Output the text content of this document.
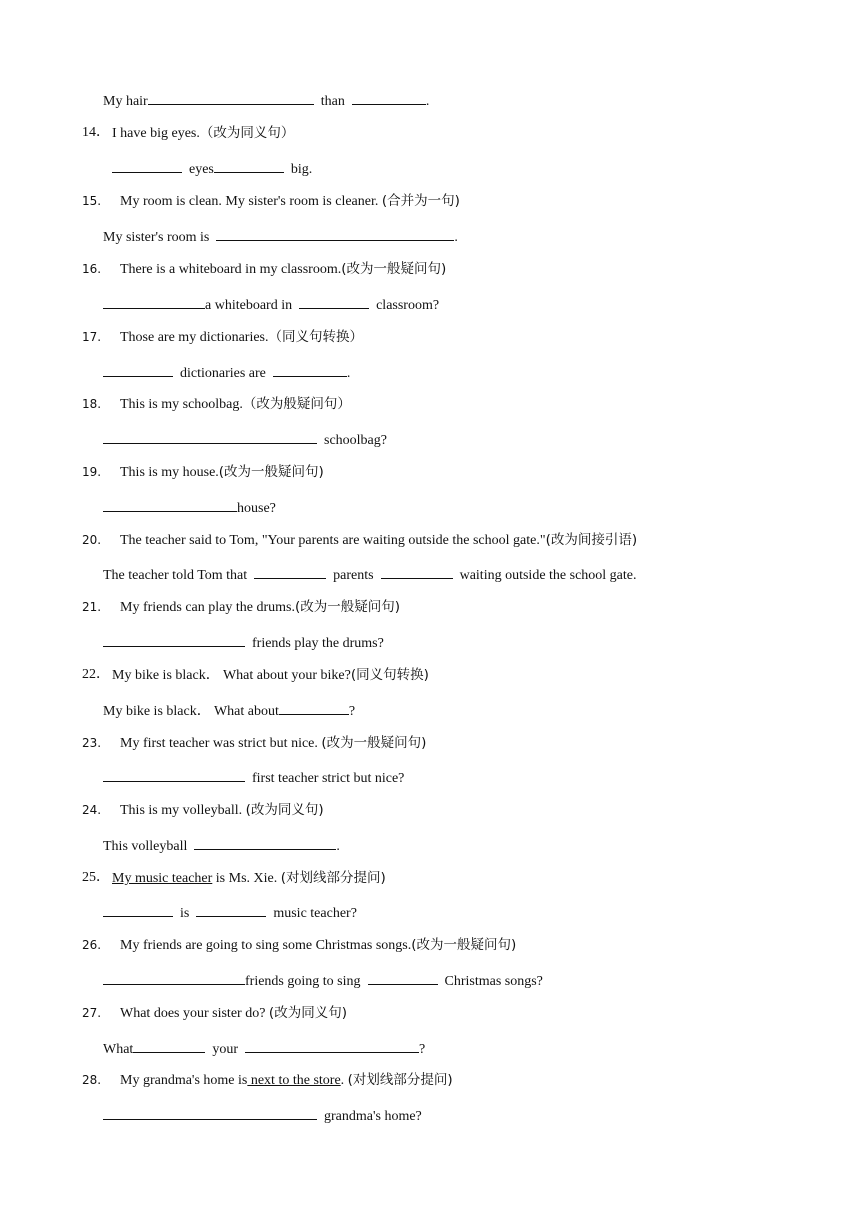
My hair	than	.
14． I have big eyes.（改为同义句）
eyes	big.
15. My room is clean. My sister's room is cleaner. (合并为一句)
My sister's room is	.
16. There is a whiteboard in my classroom.(改为一般疑问句)
a whiteboard in	classroom?
17. Those are my dictionaries.（同义句转换）
dictionaries are	.
18. This is my schoolbag.（改为般疑问句）
schoolbag?
19. This is my house.(改为一般疑问句)
house?
20. The teacher said to Tom, "Your parents are waiting outside the school gate."(改为间接引语)
The teacher told Tom that	parents	waiting outside the school gate.
21. My friends can play the drums.(改为一般疑问句)
friends play the drums?
22． My bike is black． What about your bike?(同义句转换)
My bike is black． What about	?
23. My first teacher was strict but nice. (改为一般疑问句)
first teacher strict but nice?
24. This is my volleyball. (改为同义句)
This volleyball	.
25． My music teacher is Ms. Xie. (对划线部分提问)
is	music teacher?
26. My friends are going to sing some Christmas songs.(改为一般疑问句)
friends going to sing	Christmas songs?
27. What does your sister do? (改为同义句)
What	your	?
28. My grandma's home is next to the store. (对划线部分提问)
grandma's home?
